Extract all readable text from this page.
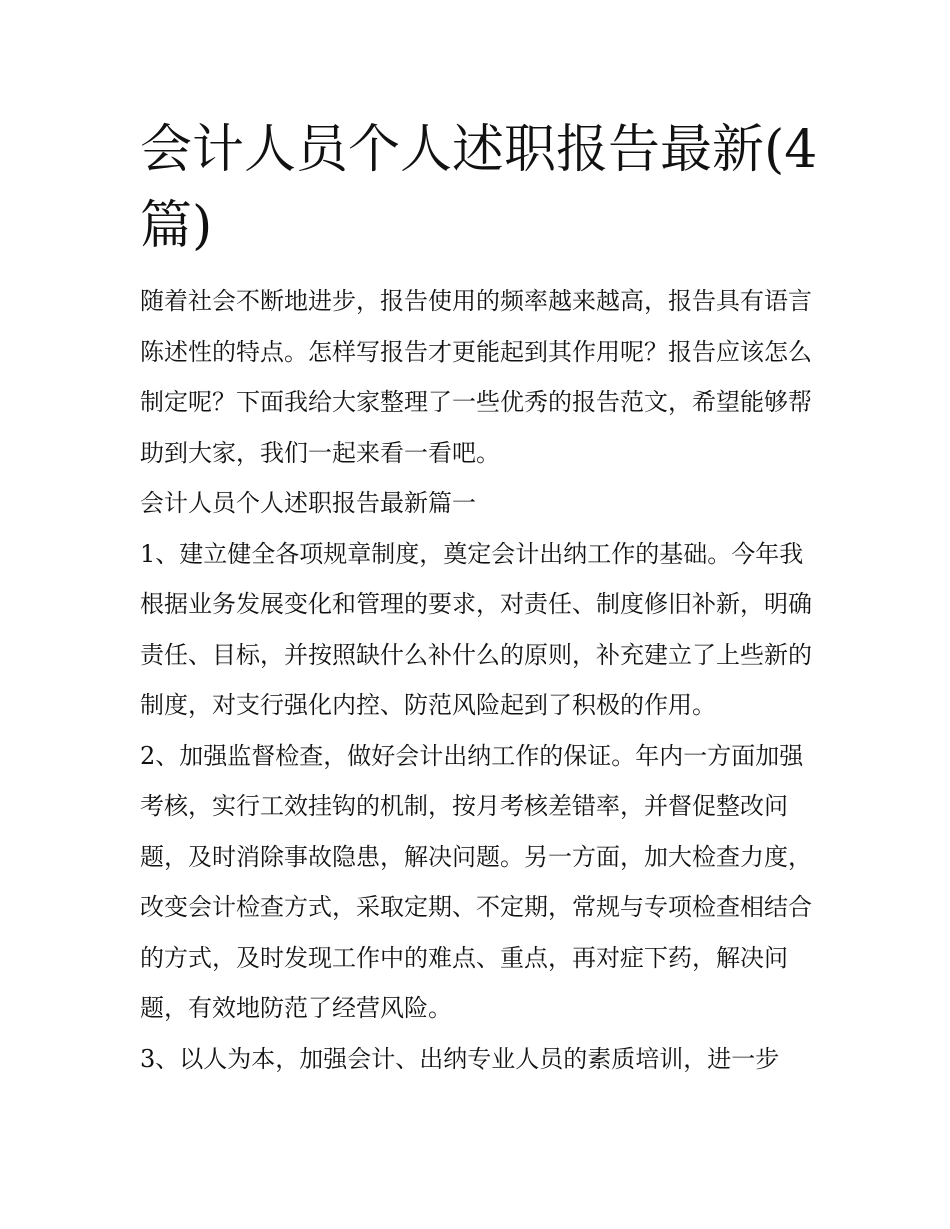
会计人员个人述职报告最新(4篇)

随着社会不断地进步，报告使用的频率越来越高，报告具有语言陈述性的特点。怎样写报告才更能起到其作用呢？报告应该怎么制定呢？下面我给大家整理了一些优秀的报告范文，希望能够帮助到大家，我们一起来看一看吧。

会计人员个人述职报告最新篇一

1、建立健全各项规章制度，奠定会计出纳工作的基础。今年我根据业务发展变化和管理的要求，对责任、制度修旧补新，明确责任、目标，并按照缺什么补什么的原则，补充建立了上些新的制度，对支行强化内控、防范风险起到了积极的作用。

2、加强监督检查，做好会计出纳工作的保证。年内一方面加强考核，实行工效挂钩的机制，按月考核差错率，并督促整改问题，及时消除事故隐患，解决问题。另一方面，加大检查力度，改变会计检查方式，采取定期、不定期，常规与专项检查相结合的方式，及时发现工作中的难点、重点，再对症下药，解决问题，有效地防范了经营风险。

3、以人为本，加强会计、出纳专业人员的素质培训，进一步
